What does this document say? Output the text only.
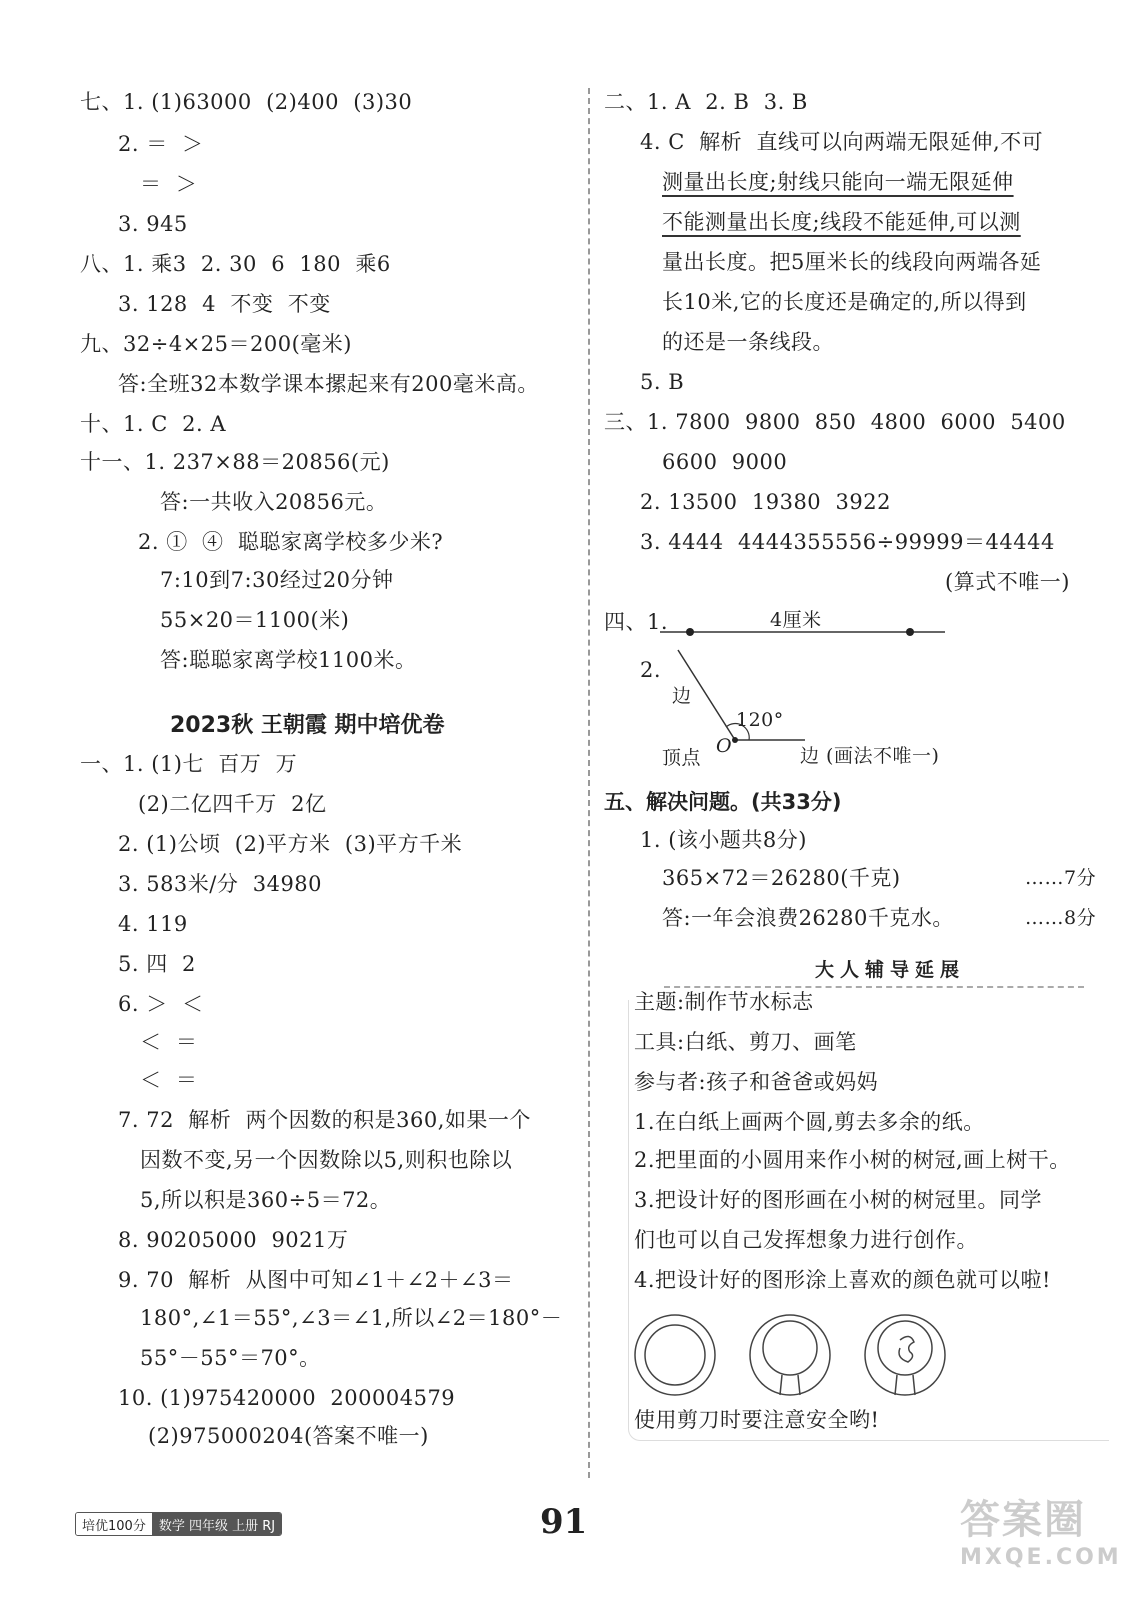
七、1. (1)63000  (2)400  (3)30
2. ＝  ＞
＝  ＞
3. 945
八、1. 乘3  2. 30  6  180  乘6
3. 128  4  不变  不变
九、32÷4×25＝200(毫米)
答:全班32本数学课本摞起来有200毫米高。
十、1. C  2. A
十一、1. 237×88＝20856(元)
答:一共收入20856元。
2. ①  ④  聪聪家离学校多少米?
7:10到7:30经过20分钟
55×20＝1100(米)
答:聪聪家离学校1100米。
2023秋 王朝霞 期中培优卷
一、1. (1)七  百万  万
(2)二亿四千万  2亿
2. (1)公顷  (2)平方米  (3)平方千米
3. 583米/分  34980
4. 119
5. 四  2
6. ＞  ＜
＜  ＝
＜  ＝
7. 72  解析  两个因数的积是360,如果一个
因数不变,另一个因数除以5,则积也除以
5,所以积是360÷5＝72。
8. 90205000  9021万
9. 70  解析  从图中可知∠1＋∠2＋∠3＝
180°,∠1＝55°,∠3＝∠1,所以∠2＝180°－
55°－55°＝70°。
10. (1)975420000  200004579
(2)975000204(答案不唯一)
二、1. A  2. B  3. B
4. C  解析  直线可以向两端无限延伸,不可
测量出长度;射线只能向一端无限延伸
不能测量出长度;线段不能延伸,可以测
量出长度。把5厘米长的线段向两端各延
长10米,它的长度还是确定的,所以得到
的还是一条线段。
5. B
三、1. 7800  9800  850  4800  6000  5400
6600  9000
2. 13500  19380  3922
3. 4444  4444355556÷99999＝44444
(算式不唯一)
四、1.	4厘米
2.
边
120°
顶点
O	边 (画法不唯一)
五、解决问题。(共33分)
1. (该小题共8分)
365×72＝26280(千克)
答:一年会浪费26280千克水。
……7分
……8分
大人辅导延展
主题:制作节水标志
工具:白纸、剪刀、画笔
参与者:孩子和爸爸或妈妈
1.在白纸上画两个圆,剪去多余的纸。
2.把里面的小圆用来作小树的树冠,画上树干。
3.把设计好的图形画在小树的树冠里。同学
们也可以自己发挥想象力进行创作。
4.把设计好的图形涂上喜欢的颜色就可以啦!
使用剪刀时要注意安全哟!
培优100分	数学 四年级 上册 RJ	91	答案圈
MXQE.COM
